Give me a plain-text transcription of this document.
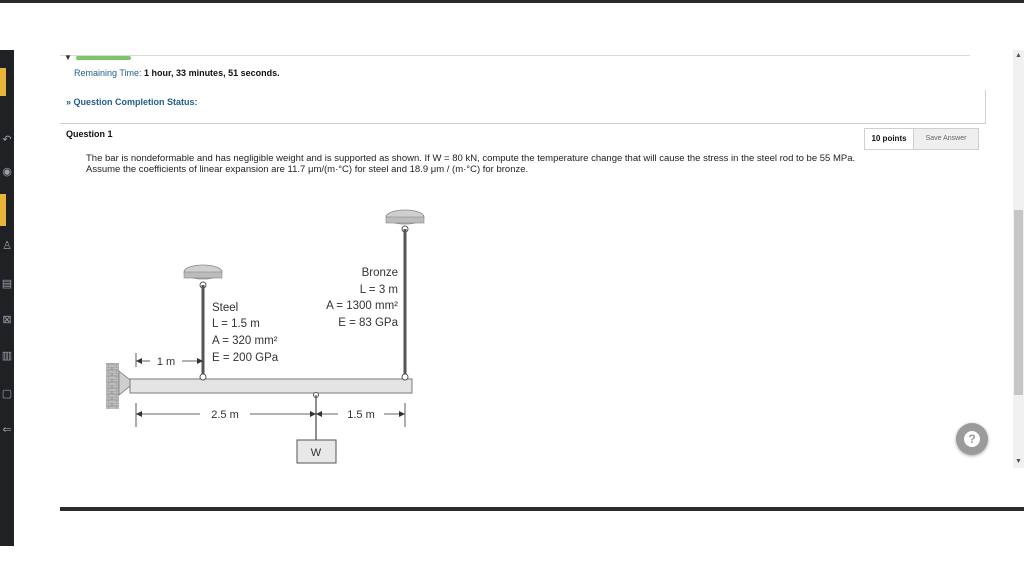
↶
◉
♙
▤
⊠
▥
▢
⇐
▼
Remaining Time: 1 hour, 33 minutes, 51 seconds.
» Question Completion Status:
Question 1	10 points	Save Answer
The bar is nondeformable and has negligible weight and is supported as shown. If W = 80 kN, compute the temperature change that will cause the stress in the steel rod to be 55 MPa.
Assume the coefficients of linear expansion are 11.7 μm/(m·°C) for steel and 18.9 μm / (m·°C) for bronze.
W
Steel
L = 1.5 m
A = 320 mm²
E = 200 GPa
Bronze
L = 3 m
A = 1300 mm²
E = 83 GPa
1 m
2.5 m	1.5 m
▲
▼
?
